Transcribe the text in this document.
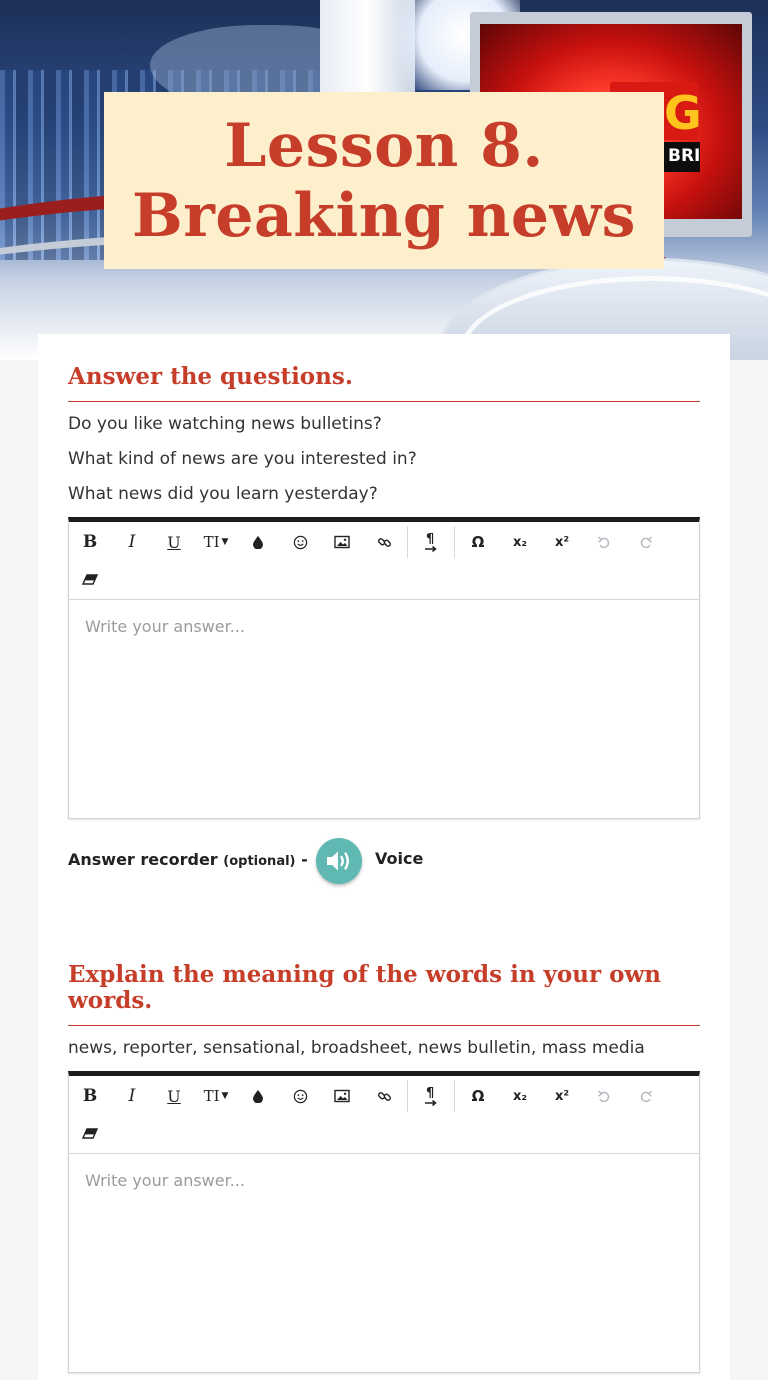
G
BRI
Lesson 8. Breaking news
Answer the questions.
Do you like watching news bulletins?
What kind of news are you interested in?
What news did you learn yesterday?
B	I	U	TI ▼	¶	Ω	x₂	x²
Write your answer...
Answer recorder (optional) -	Voice
Explain the meaning of the words in your own words.
news, reporter, sensational, broadsheet, news bulletin, mass media
B	I	U	TI ▼	¶	Ω	x₂	x²
Write your answer...
